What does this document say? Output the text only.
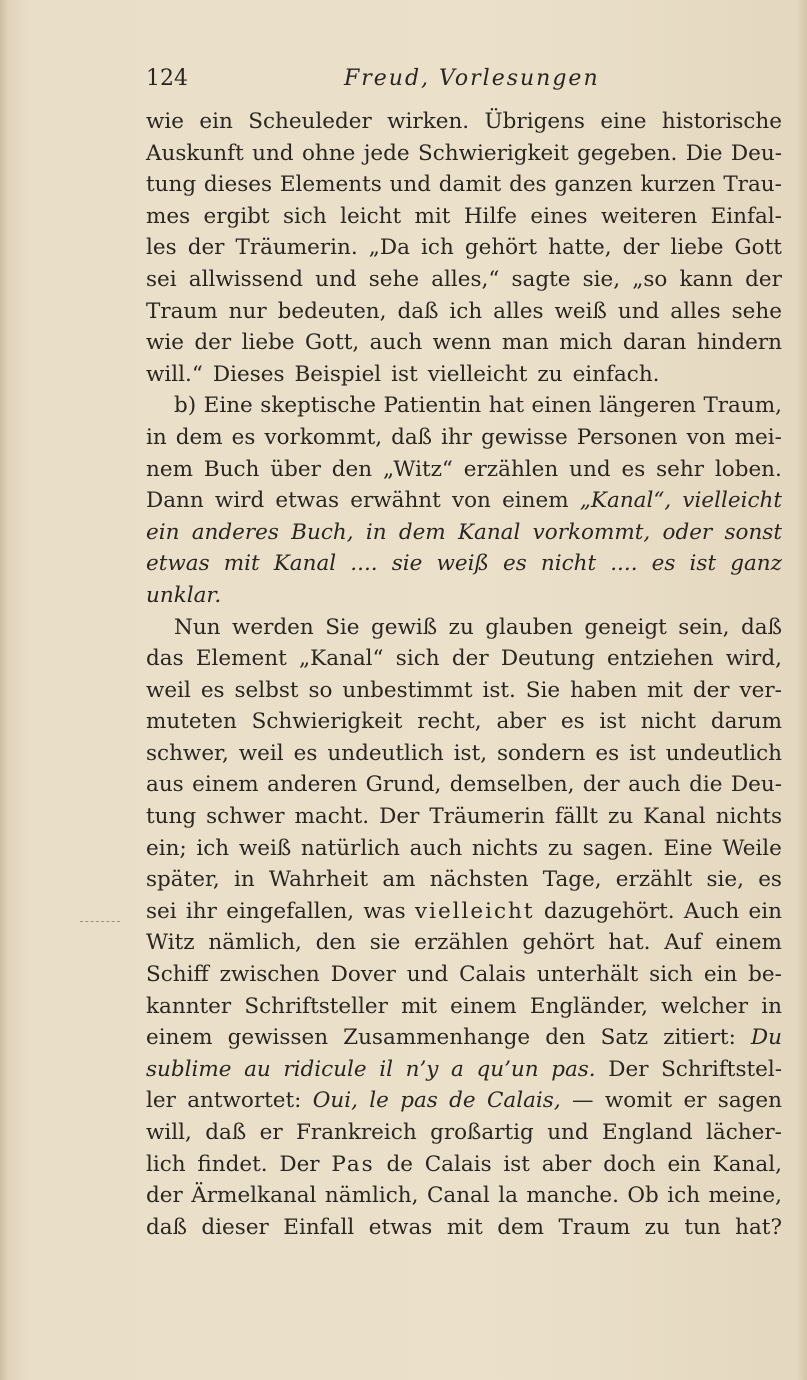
124	Freud, Vorlesungen
wie ein Scheuleder wirken. Übrigens eine historische
Auskunft und ohne jede Schwierigkeit gegeben. Die Deu-
tung dieses Elements und damit des ganzen kurzen Trau-
mes ergibt sich leicht mit Hilfe eines weiteren Einfal-
les der Träumerin. „Da ich gehört hatte, der liebe Gott
sei allwissend und sehe alles,“ sagte sie, „so kann der
Traum nur bedeuten, daß ich alles weiß und alles sehe
wie der liebe Gott, auch wenn man mich daran hindern
will.“ Dieses Beispiel ist vielleicht zu einfach.
b) Eine skeptische Patientin hat einen längeren Traum,
in dem es vorkommt, daß ihr gewisse Personen von mei-
nem Buch über den „Witz“ erzählen und es sehr loben.
Dann wird etwas erwähnt von einem „Kanal“, vielleicht
ein anderes Buch, in dem Kanal vorkommt, oder sonst
etwas mit Kanal .... sie weiß es nicht .... es ist ganz
unklar.
Nun werden Sie gewiß zu glauben geneigt sein, daß
das Element „Kanal“ sich der Deutung entziehen wird,
weil es selbst so unbestimmt ist. Sie haben mit der ver-
muteten Schwierigkeit recht, aber es ist nicht darum
schwer, weil es undeutlich ist, sondern es ist undeutlich
aus einem anderen Grund, demselben, der auch die Deu-
tung schwer macht. Der Träumerin fällt zu Kanal nichts
ein; ich weiß natürlich auch nichts zu sagen. Eine Weile
später, in Wahrheit am nächsten Tage, erzählt sie, es
sei ihr eingefallen, was vielleicht dazugehört. Auch ein
Witz nämlich, den sie erzählen gehört hat. Auf einem
Schiff zwischen Dover und Calais unterhält sich ein be-
kannter Schriftsteller mit einem Engländer, welcher in
einem gewissen Zusammenhange den Satz zitiert: Du
sublime au ridicule il n’y a qu’un pas. Der Schriftstel-
ler antwortet: Oui, le pas de Calais, — womit er sagen
will, daß er Frankreich großartig und England lächer-
lich findet. Der Pas de Calais ist aber doch ein Kanal,
der Ärmelkanal nämlich, Canal la manche. Ob ich meine,
daß dieser Einfall etwas mit dem Traum zu tun hat?
